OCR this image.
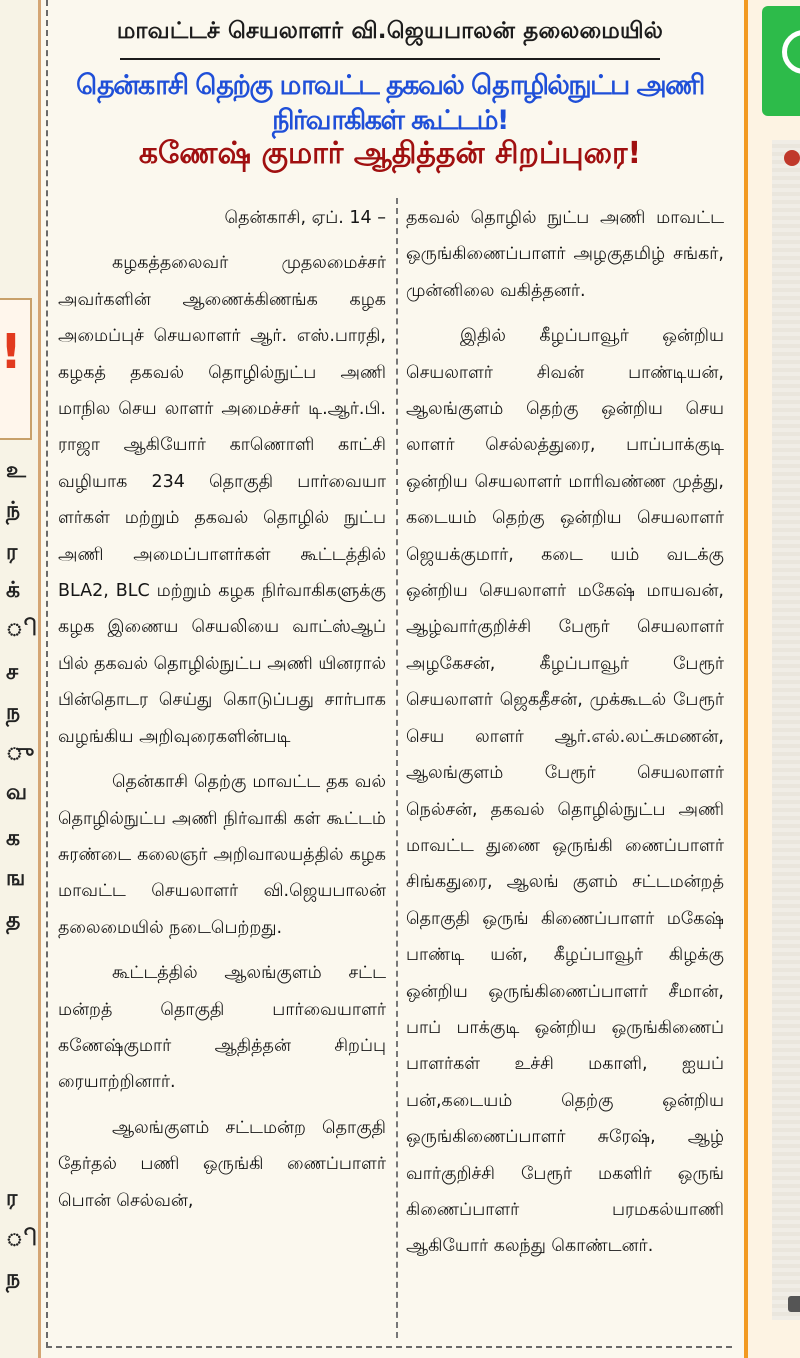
!
உ
ந்
ர
க்
ி
ச
ந
ு
வ
க
ங
த
ர
ி
ந
மாவட்டச் செயலாளர் வி.ஜெயபாலன் தலைமையில்
தென்காசி தெற்கு மாவட்ட தகவல் தொழில்நுட்ப அணி நிர்வாகிகள் கூட்டம்!
கணேஷ் குமார் ஆதித்தன் சிறப்புரை!

தென்காசி, ஏப். 14 –

கழகத்தலைவர் முதலமைச்சர் அவர்களின் ஆணைக்கிணங்க கழக அமைப்புச் செயலாளர் ஆர். எஸ்.பாரதி, கழகத் தகவல் தொழில்நுட்ப அணி மாநில செய லாளர் அமைச்சர் டி.ஆர்.பி. ராஜா ஆகியோர் காணொளி காட்சி வழியாக 234 தொகுதி பார்வையா ளர்கள் மற்றும் தகவல் தொழில் நுட்ப அணி அமைப்பாளர்கள் கூட்டத்தில் BLA2, BLC மற்றும் கழக நிர்வாகிகளுக்கு கழக இணைய செயலியை வாட்ஸ்ஆப் பில் தகவல் தொழில்நுட்ப அணி யினரால் பின்தொடர செய்து கொடுப்பது சார்பாக வழங்கிய அறிவுரைகளின்படி

தென்காசி தெற்கு மாவட்ட தக வல் தொழில்நுட்ப அணி நிர்வாகி கள் கூட்டம் சுரண்டை கலைஞர் அறிவாலயத்தில் கழக மாவட்ட செயலாளர் வி.ஜெயபாலன் தலைமையில் நடைபெற்றது.

கூட்டத்தில் ஆலங்குளம் சட்ட மன்றத் தொகுதி பார்வையாளர் கணேஷ்குமார் ஆதித்தன் சிறப்பு ரையாற்றினார்.

ஆலங்குளம் சட்டமன்ற தொகுதி தேர்தல் பணி ஒருங்கி ணைப்பாளர் பொன் செல்வன்,

தகவல் தொழில் நுட்ப அணி மாவட்ட ஒருங்கிணைப்பாளர் அழகுதமிழ் சங்கர், முன்னிலை வகித்தனர்.

இதில் கீழப்பாவூர் ஒன்றிய செயலாளர் சிவன் பாண்டியன், ஆலங்குளம் தெற்கு ஒன்றிய செய லாளர் செல்லத்துரை, பாப்பாக்குடி ஒன்றிய செயலாளர் மாரிவண்ண முத்து, கடையம் தெற்கு ஒன்றிய செயலாளர் ஜெயக்குமார், கடை யம் வடக்கு ஒன்றிய செயலாளர் மகேஷ் மாயவன், ஆழ்வார்குறிச்சி பேரூர் செயலாளர் அழகேசன், கீழப்பாவூர் பேரூர் செயலாளர் ஜெகதீசன், முக்கூடல் பேரூர் செய லாளர் ஆர்.எல்.லட்சுமணன், ஆலங்குளம் பேரூர் செயலாளர் நெல்சன், தகவல் தொழில்நுட்ப அணி மாவட்ட துணை ஒருங்கி ணைப்பாளர் சிங்கதுரை, ஆலங் குளம் சட்டமன்றத் தொகுதி ஒருங் கிணைப்பாளர் மகேஷ் பாண்டி யன், கீழப்பாவூர் கிழக்கு ஒன்றிய ஒருங்கிணைப்பாளர் சீமான், பாப் பாக்குடி ஒன்றிய ஒருங்கிணைப் பாளர்கள் உச்சி மகாளி, ஐயப் பன்,கடையம் தெற்கு ஒன்றிய ஒருங்கிணைப்பாளர் சுரேஷ், ஆழ் வார்குறிச்சி பேரூர் மகளிர் ஒருங் கிணைப்பாளர் பரமகல்யாணி ஆகியோர் கலந்து கொண்டனர்.
